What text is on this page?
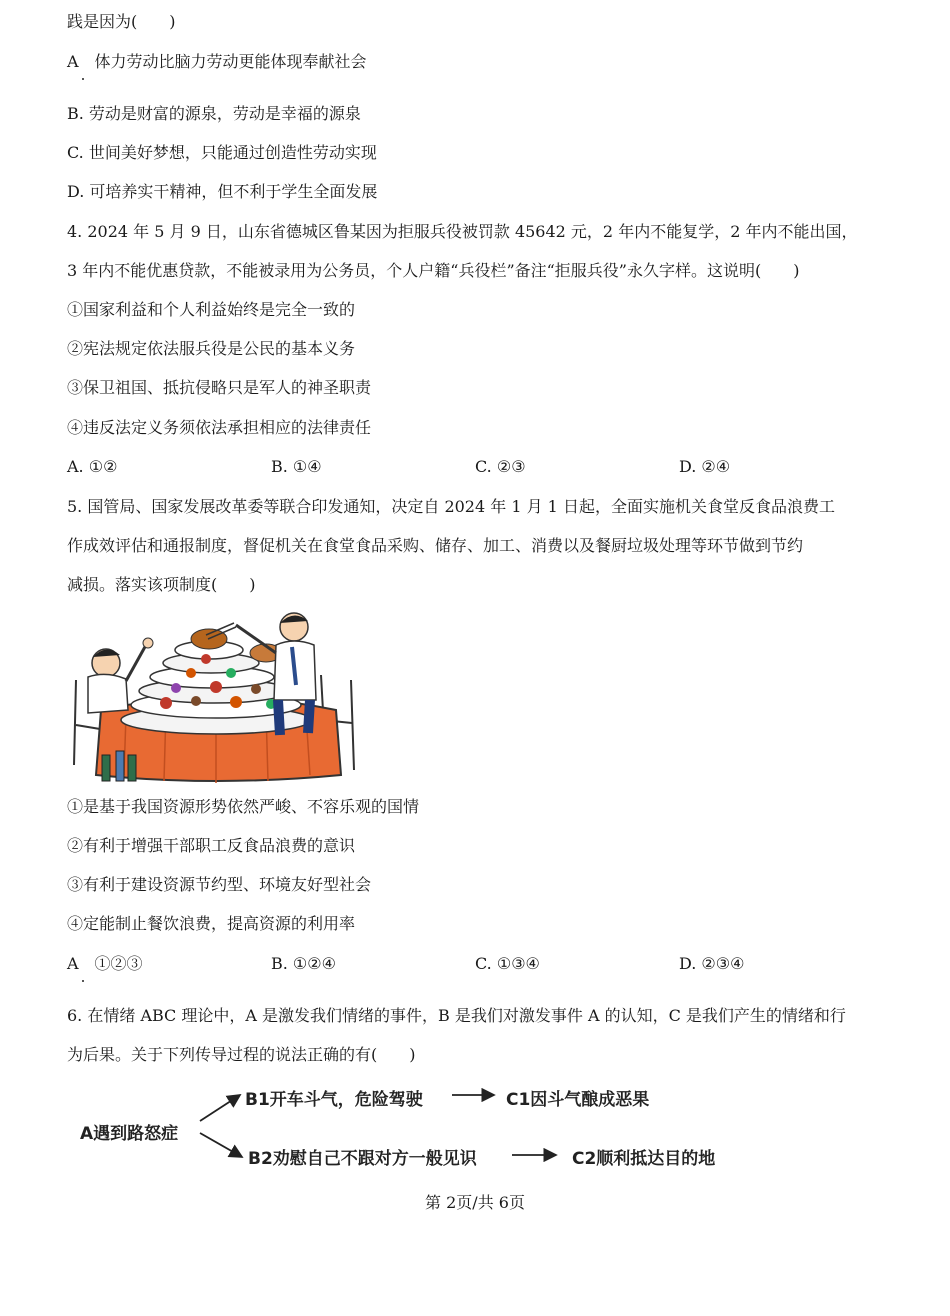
践是因为(　　)
A　体力劳动比脑力劳动更能体现奉献社会
B. 劳动是财富的源泉，劳动是幸福的源泉
C. 世间美好梦想，只能通过创造性劳动实现
D. 可培养实干精神，但不利于学生全面发展
4. 2024 年 5 月 9 日，山东省德城区鲁某因为拒服兵役被罚款 45642 元，2 年内不能复学，2 年内不能出国，
3 年内不能优惠贷款，不能被录用为公务员，个人户籍“兵役栏”备注“拒服兵役”永久字样。这说明(　　)
①国家利益和个人利益始终是完全一致的
②宪法规定依法服兵役是公民的基本义务
③保卫祖国、抵抗侵略只是军人的神圣职责
④违反法定义务须依法承担相应的法律责任
A. ①②	B. ①④	C. ②③	D. ②④
5. 国管局、国家发展改革委等联合印发通知，决定自 2024 年 1 月 1 日起，全面实施机关食堂反食品浪费工
作成效评估和通报制度，督促机关在食堂食品采购、储存、加工、消费以及餐厨垃圾处理等环节做到节约
减损。落实该项制度(　　)
①是基于我国资源形势依然严峻、不容乐观的国情
②有利于增强干部职工反食品浪费的意识
③有利于建设资源节约型、环境友好型社会
④定能制止餐饮浪费，提高资源的利用率
A　①②③	B. ①②④	C. ①③④	D. ②③④
6. 在情绪 ABC 理论中，A 是激发我们情绪的事件，B 是我们对激发事件 A 的认知，C 是我们产生的情绪和行
为后果。关于下列传导过程的说法正确的有(　　)
A遇到路怒症
B1开车斗气，危险驾驶	C1因斗气酿成恶果
B2劝慰自己不跟对方一般见识	C2顺利抵达目的地
第 2页/共 6页
